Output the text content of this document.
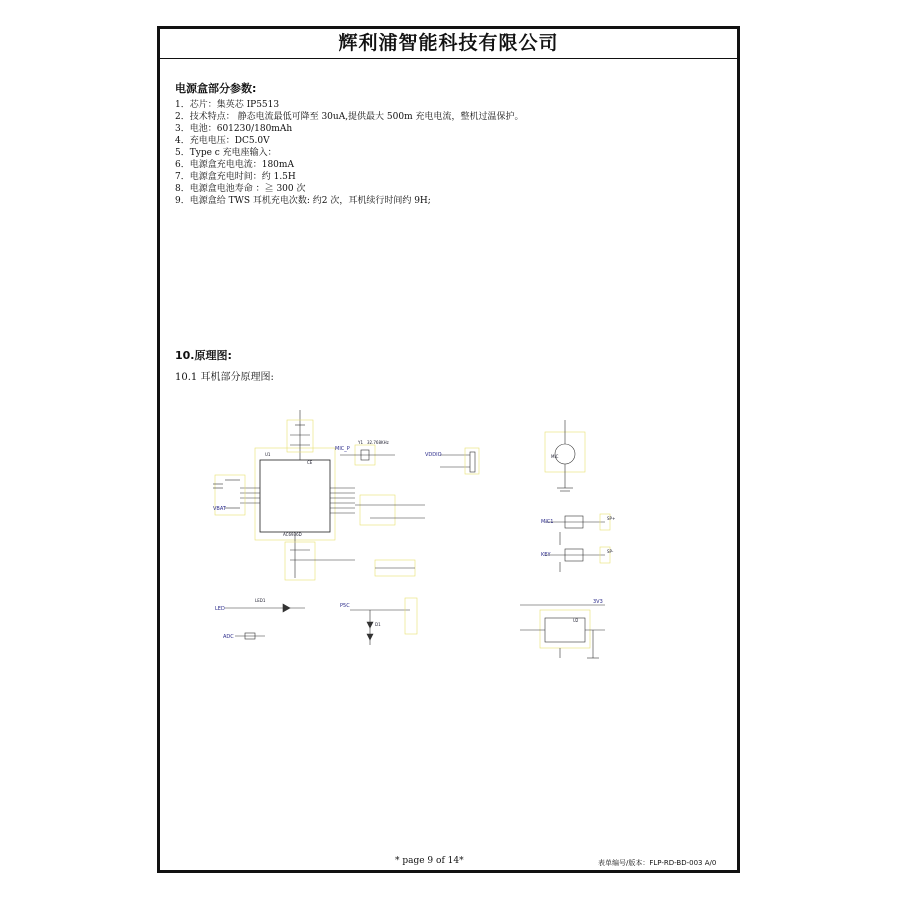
辉利浦智能科技有限公司
电源盒部分参数:
1．芯片：集英芯 IP5513
2．技术特点： 静态电流最低可降至 30uA,提供最大 500m 充电电流，整机过温保护。
3．电池：601230/180mAh
4．充电电压：DC5.0V
5．Type c 充电座输入：
6．电源盒充电电流：180mA
7．电源盒充电时间：约 1.5H
8．电源盒电池寿命 ：≧ 300 次
9．电源盒给 TWS 耳机充电次数: 约2 次，耳机续行时间约 9H;
10.原理图:
10.1 耳机部分原理图:
AC6936D
U1
Y1 32.768KHz
CE
U2
MIC
SP+
SP-
LED1
D1
VBAT
VDDIO
LED
MIC_P
ADC
P5C
MIC1
3V3
KEY
* page 9 of 14*	表单编号/版本：FLP-RD-BD-003 A/0
